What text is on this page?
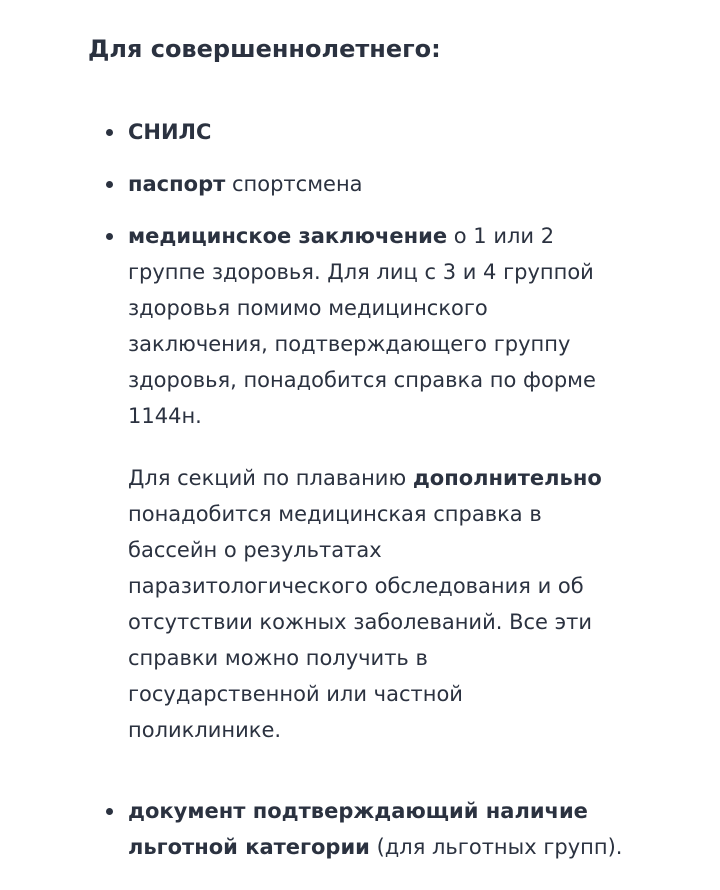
Для совершеннолетнего:
СНИЛС
паспорт спортсмена
медицинское заключение о 1 или 2 группе здоровья. Для лиц с 3 и 4 группой здоровья помимо медицинского заключения, подтверждающего группу здоровья, понадобится справка по форме 1144н.
Для секций по плаванию дополнительно понадобится медицинская справка в бассейн о результатах паразитологического обследования и об отсутствии кожных заболеваний. Все эти справки можно получить в государственной или частной поликлинике.
документ подтверждающий наличие льготной категории (для льготных групп).
